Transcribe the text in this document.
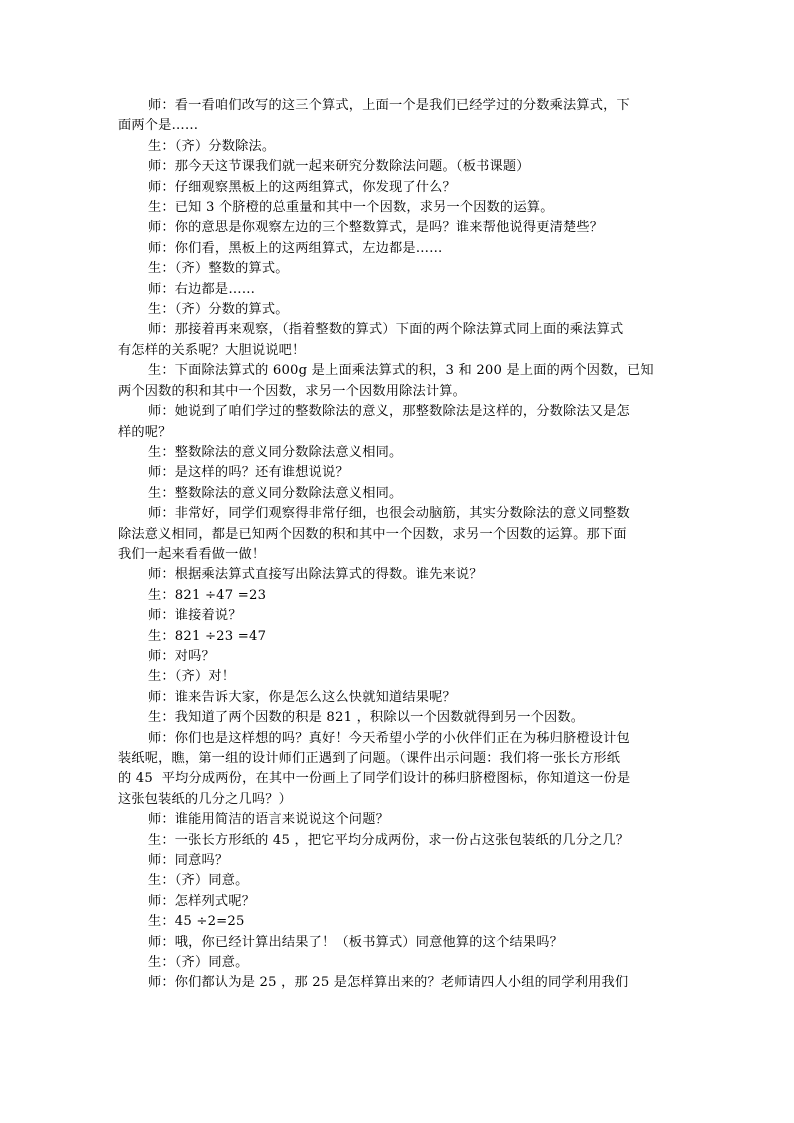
师：看一看咱们改写的这三个算式，上面一个是我们已经学过的分数乘法算式，下
面两个是……
生：（齐）分数除法。
师：那今天这节课我们就一起来研究分数除法问题。（板书课题）
师：仔细观察黑板上的这两组算式，你发现了什么？
生：已知 3 个脐橙的总重量和其中一个因数，求另一个因数的运算。
师：你的意思是你观察左边的三个整数算式，是吗？谁来帮他说得更清楚些？
师：你们看，黑板上的这两组算式，左边都是……
生：（齐）整数的算式。
师：右边都是……
生：（齐）分数的算式。
师：那接着再来观察，（指着整数的算式）下面的两个除法算式同上面的乘法算式
有怎样的关系呢？大胆说说吧！
生：下面除法算式的 600g 是上面乘法算式的积，3 和 200 是上面的两个因数，已知
两个因数的积和其中一个因数，求另一个因数用除法计算。
师：她说到了咱们学过的整数除法的意义，那整数除法是这样的，分数除法又是怎
样的呢？
生：整数除法的意义同分数除法意义相同。
师：是这样的吗？还有谁想说说？
生：整数除法的意义同分数除法意义相同。
师：非常好，同学们观察得非常仔细，也很会动脑筋，其实分数除法的意义同整数
除法意义相同，都是已知两个因数的积和其中一个因数，求另一个因数的运算。那下面
我们一起来看看做一做！
师：根据乘法算式直接写出除法算式的得数。谁先来说？
生：821 ÷47 =23
师：谁接着说？
生：821 ÷23 =47
师：对吗？
生：（齐）对！
师：谁来告诉大家，你是怎么这么快就知道结果呢？
生：我知道了两个因数的积是 821 ，积除以一个因数就得到另一个因数。
师：你们也是这样想的吗？真好！今天希望小学的小伙伴们正在为秭归脐橙设计包
装纸呢，瞧，第一组的设计师们正遇到了问题。（课件出示问题：我们将一张长方形纸
的 45  平均分成两份，在其中一份画上了同学们设计的秭归脐橙图标，你知道这一份是
这张包装纸的几分之几吗？）
师：谁能用简洁的语言来说说这个问题？
生：一张长方形纸的 45 ，把它平均分成两份，求一份占这张包装纸的几分之几？
师：同意吗？
生：（齐）同意。
师：怎样列式呢？
生：45 ÷2=25
师：哦，你已经计算出结果了！（板书算式）同意他算的这个结果吗？
生：（齐）同意。
师：你们都认为是 25 ，那 25 是怎样算出来的？老师请四人小组的同学利用我们
